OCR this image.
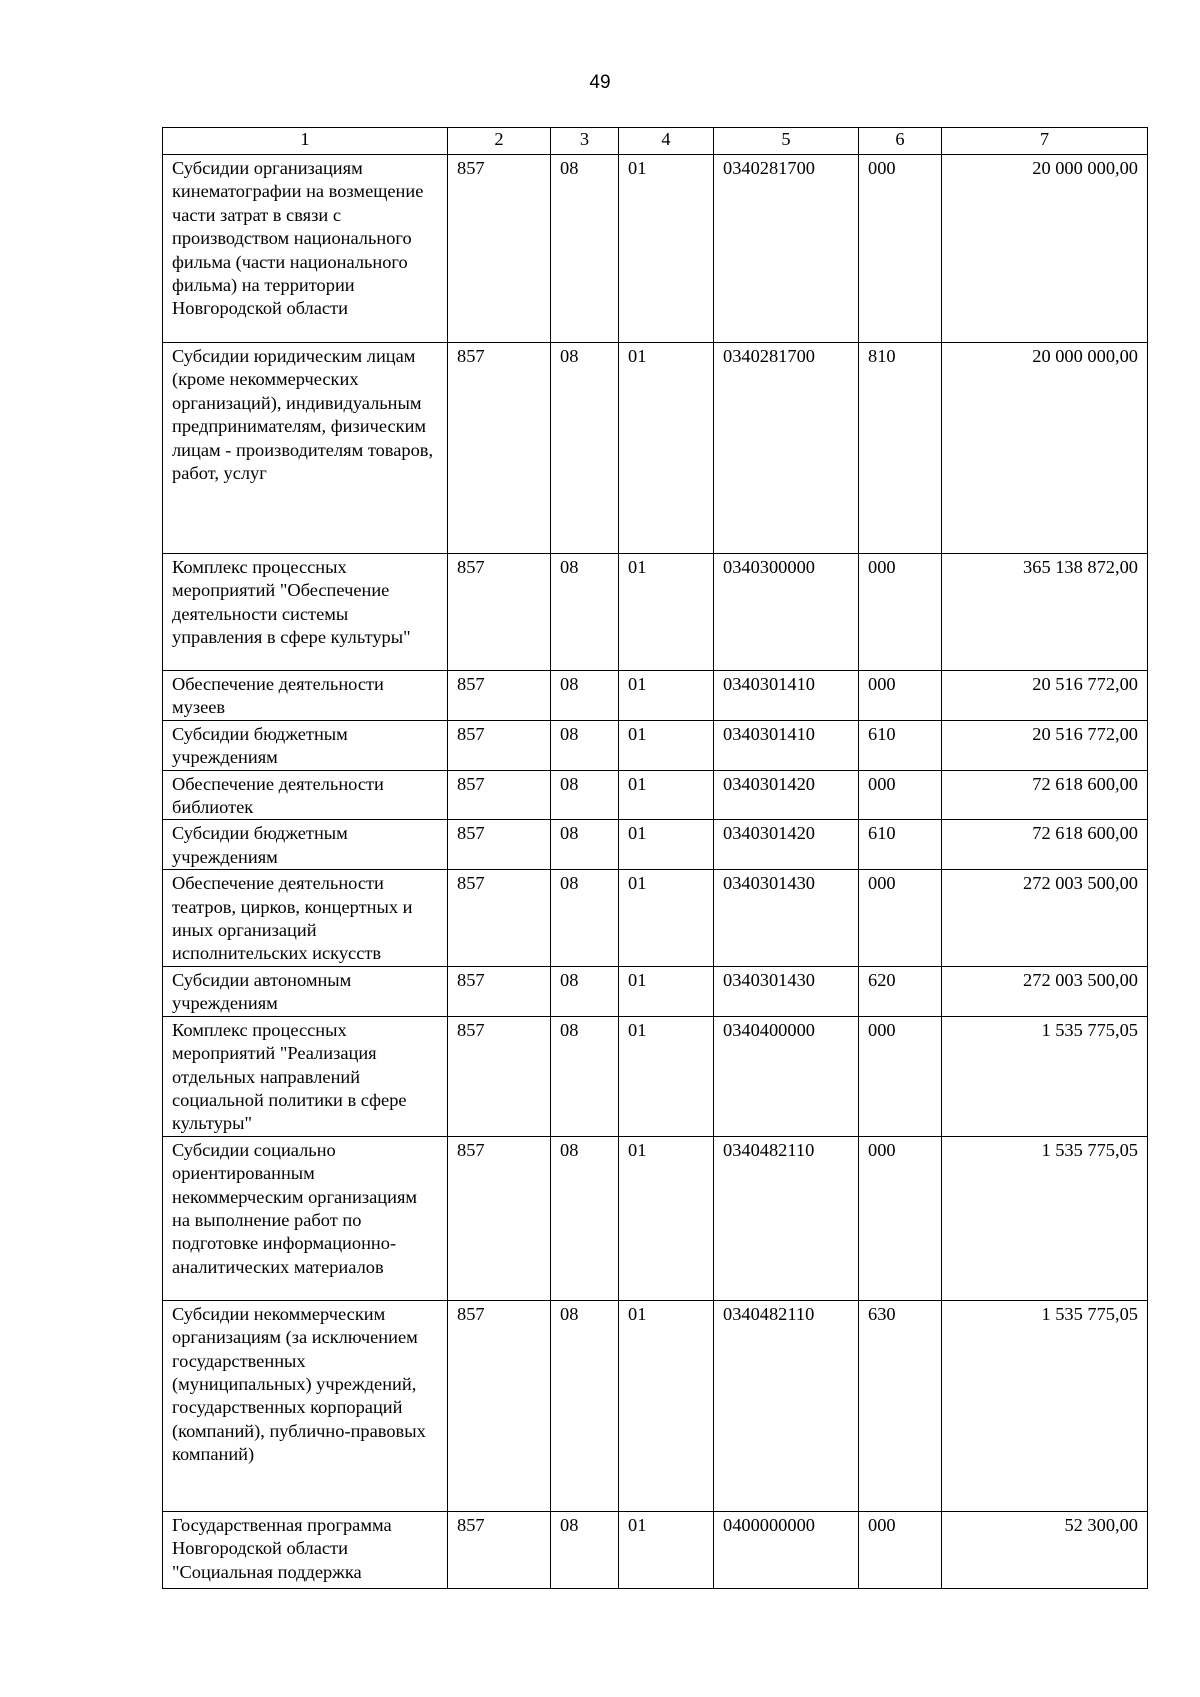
49
1	2	3	4	5	6	7
Субсидии организациям кинематографии на возмещение части затрат в связи с производством национального фильма (части национального фильма) на территории Новгородской области	857	08	01	0340281700	000	20 000 000,00
Субсидии юридическим лицам (кроме некоммерческих организаций), индивидуальным предпринимателям, физическим лицам - производителям товаров, работ, услуг	857	08	01	0340281700	810	20 000 000,00
Комплекс процессных мероприятий "Обеспечение деятельности системы управления в сфере культуры"	857	08	01	0340300000	000	365 138 872,00
Обеспечение деятельности музеев	857	08	01	0340301410	000	20 516 772,00
Субсидии бюджетным учреждениям	857	08	01	0340301410	610	20 516 772,00
Обеспечение деятельности библиотек	857	08	01	0340301420	000	72 618 600,00
Субсидии бюджетным учреждениям	857	08	01	0340301420	610	72 618 600,00
Обеспечение деятельности театров, цирков, концертных и иных организаций исполнительских искусств	857	08	01	0340301430	000	272 003 500,00
Субсидии автономным учреждениям	857	08	01	0340301430	620	272 003 500,00
Комплекс процессных мероприятий "Реализация отдельных направлений социальной политики в сфере культуры"	857	08	01	0340400000	000	1 535 775,05
Субсидии социально ориентированным некоммерческим организациям на выполнение работ по подготовке информационно-аналитических материалов	857	08	01	0340482110	000	1 535 775,05
Субсидии некоммерческим организациям (за исключением государственных (муниципальных) учреждений, государственных корпораций (компаний), публично-правовых компаний)	857	08	01	0340482110	630	1 535 775,05
Государственная программа Новгородской области "Социальная поддержка	857	08	01	0400000000	000	52 300,00
